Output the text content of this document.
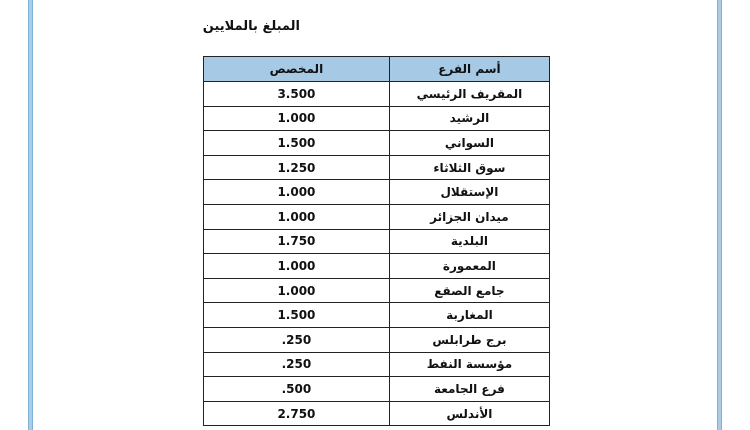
المبلغ بالملايين
المخصص	أسم الفرع
3.500	المقريف الرئيسي
1.000	الرشيد
1.500	السواني
1.250	سوق الثلاثاء
1.000	الإستقلال
1.000	ميدان الجزائر
1.750	البلدية
1.000	المعمورة
1.000	جامع الصقع
1.500	المغاربة
.250	برج طرابلس
.250	مؤسسة النفط
.500	فرع الجامعة
2.750	الأندلس
